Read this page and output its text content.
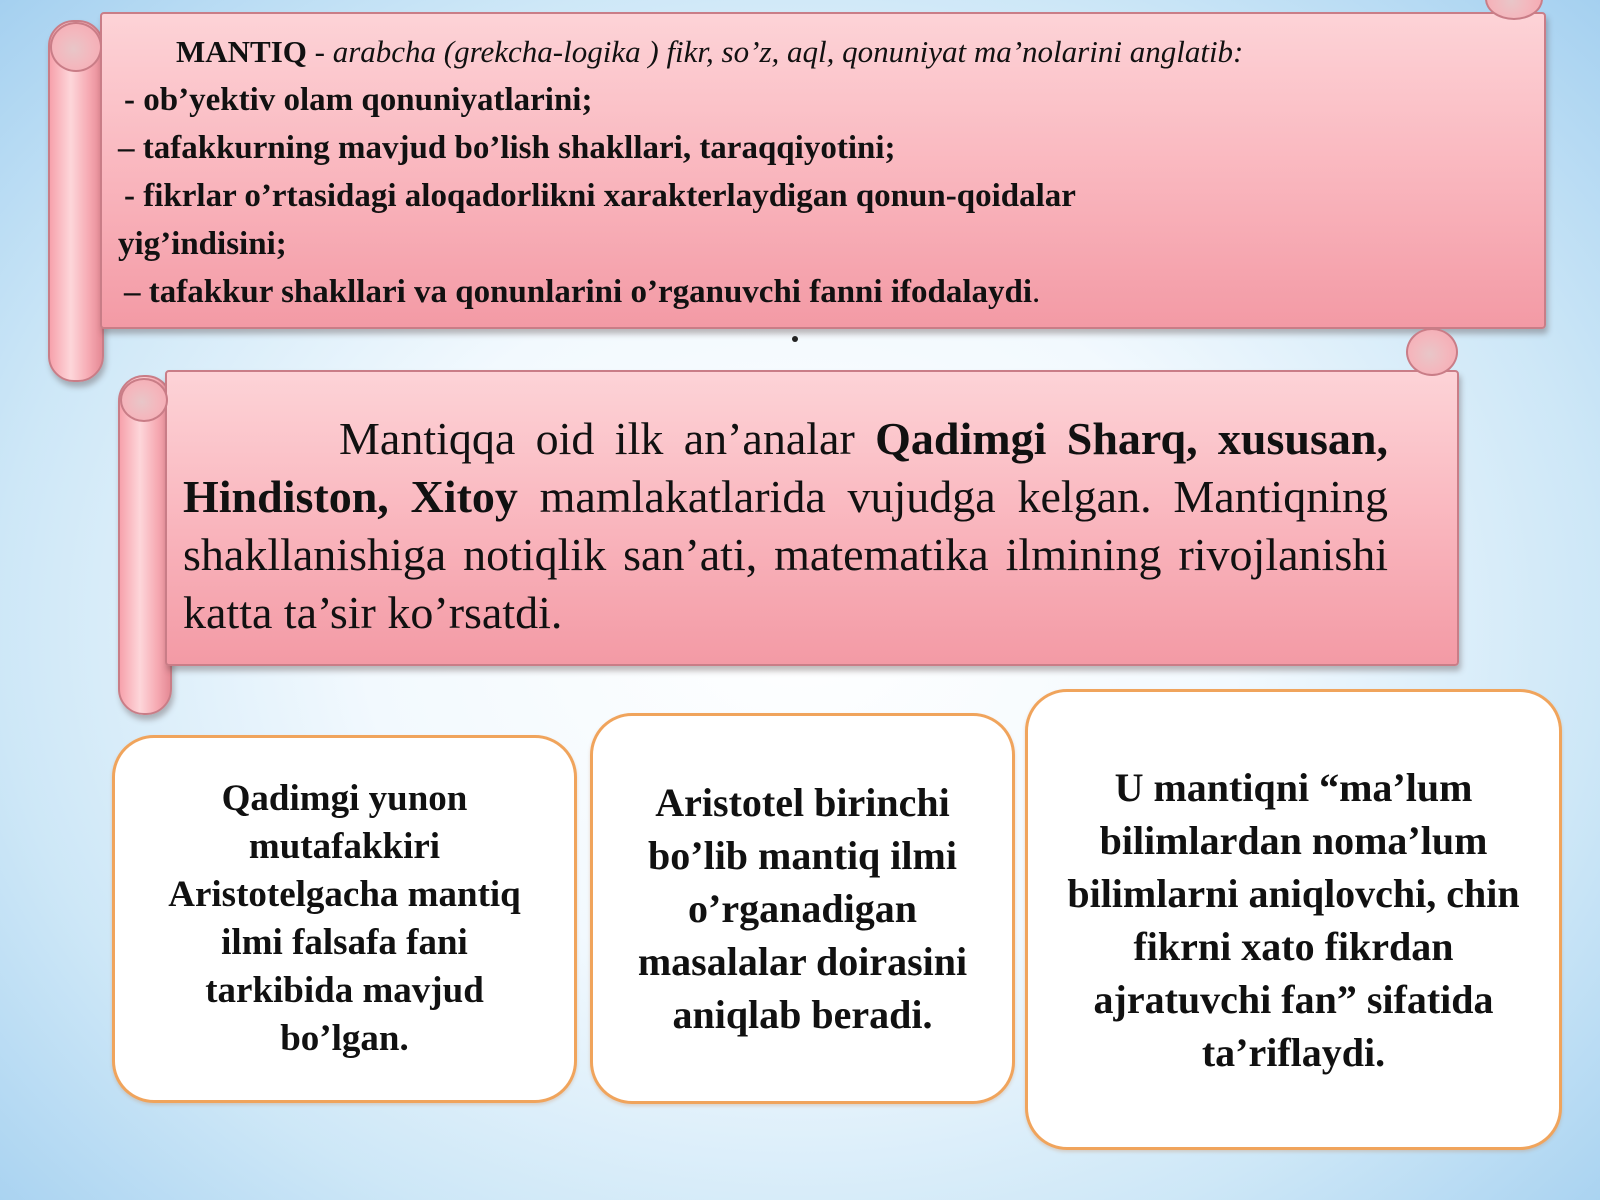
MANTIQ - arabcha (grekcha-logika ) fikr, so’z, aql, qonuniyat ma’nolarini anglatib:
- ob’yektiv olam qonuniyatlarini;
– tafakkurning mavjud bo’lish shakllari, taraqqiyotini;
- fikrlar o’rtasidagi aloqadorlikni xarakterlaydigan qonun-qoidalar
yig’indisini;
– tafakkur shakllari va qonunlarini o’rganuvchi fanni ifodalaydi.
Mantiqqa oid ilk an’analar Qadimgi Sharq, xususan, Hindiston, Xitoy mamlakatlarida vujudga kelgan. Mantiqning shakllanishiga notiqlik san’ati, matematika ilmining rivojlanishi katta ta’sir ko’rsatdi.
Qadimgi yunon mutafakkiri Aristotelgacha mantiq ilmi falsafa fani tarkibida mavjud bo’lgan.
Aristotel birinchi bo’lib mantiq ilmi o’rganadigan masalalar doirasini aniqlab beradi.
U mantiqni “ma’lum bilimlardan noma’lum bilimlarni aniqlovchi, chin fikrni xato fikrdan ajratuvchi fan” sifatida ta’riflaydi.
